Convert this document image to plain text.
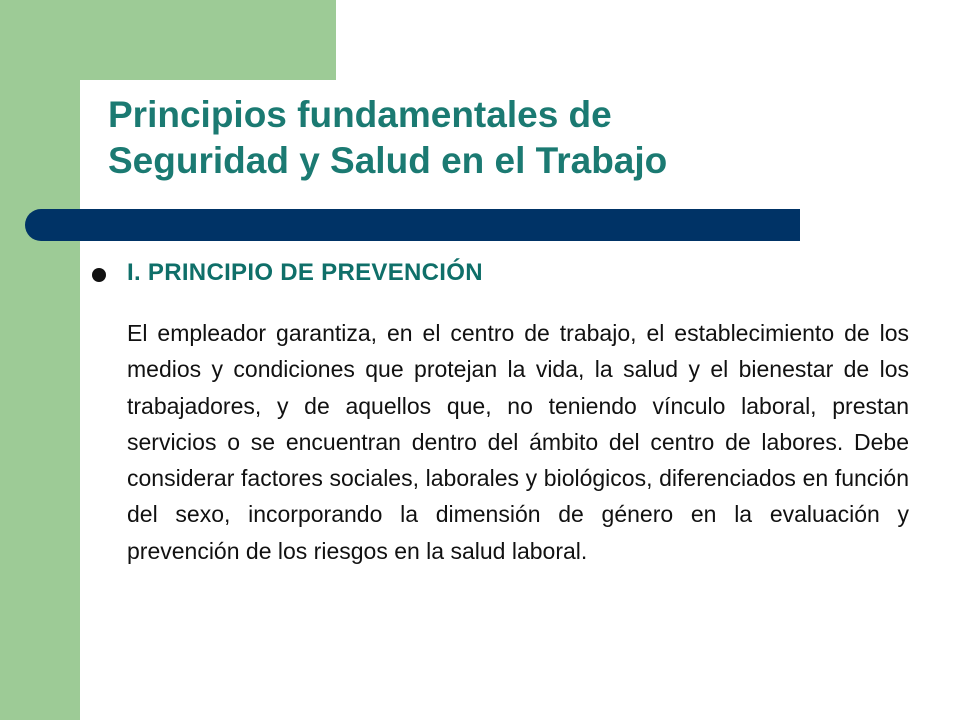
Principios fundamentales de
Seguridad y Salud en el Trabajo
I. PRINCIPIO DE PREVENCIÓN

El empleador garantiza, en el centro de trabajo, el establecimiento de los medios y condiciones que protejan la vida, la salud y el bienestar de los trabajadores, y de aquellos que, no teniendo vínculo laboral, prestan servicios o se encuentran dentro del ámbito del centro de labores. Debe considerar factores sociales, laborales y biológicos, diferenciados en función del sexo, incorporando la dimensión de género en la evaluación y prevención de los riesgos en la salud laboral.
